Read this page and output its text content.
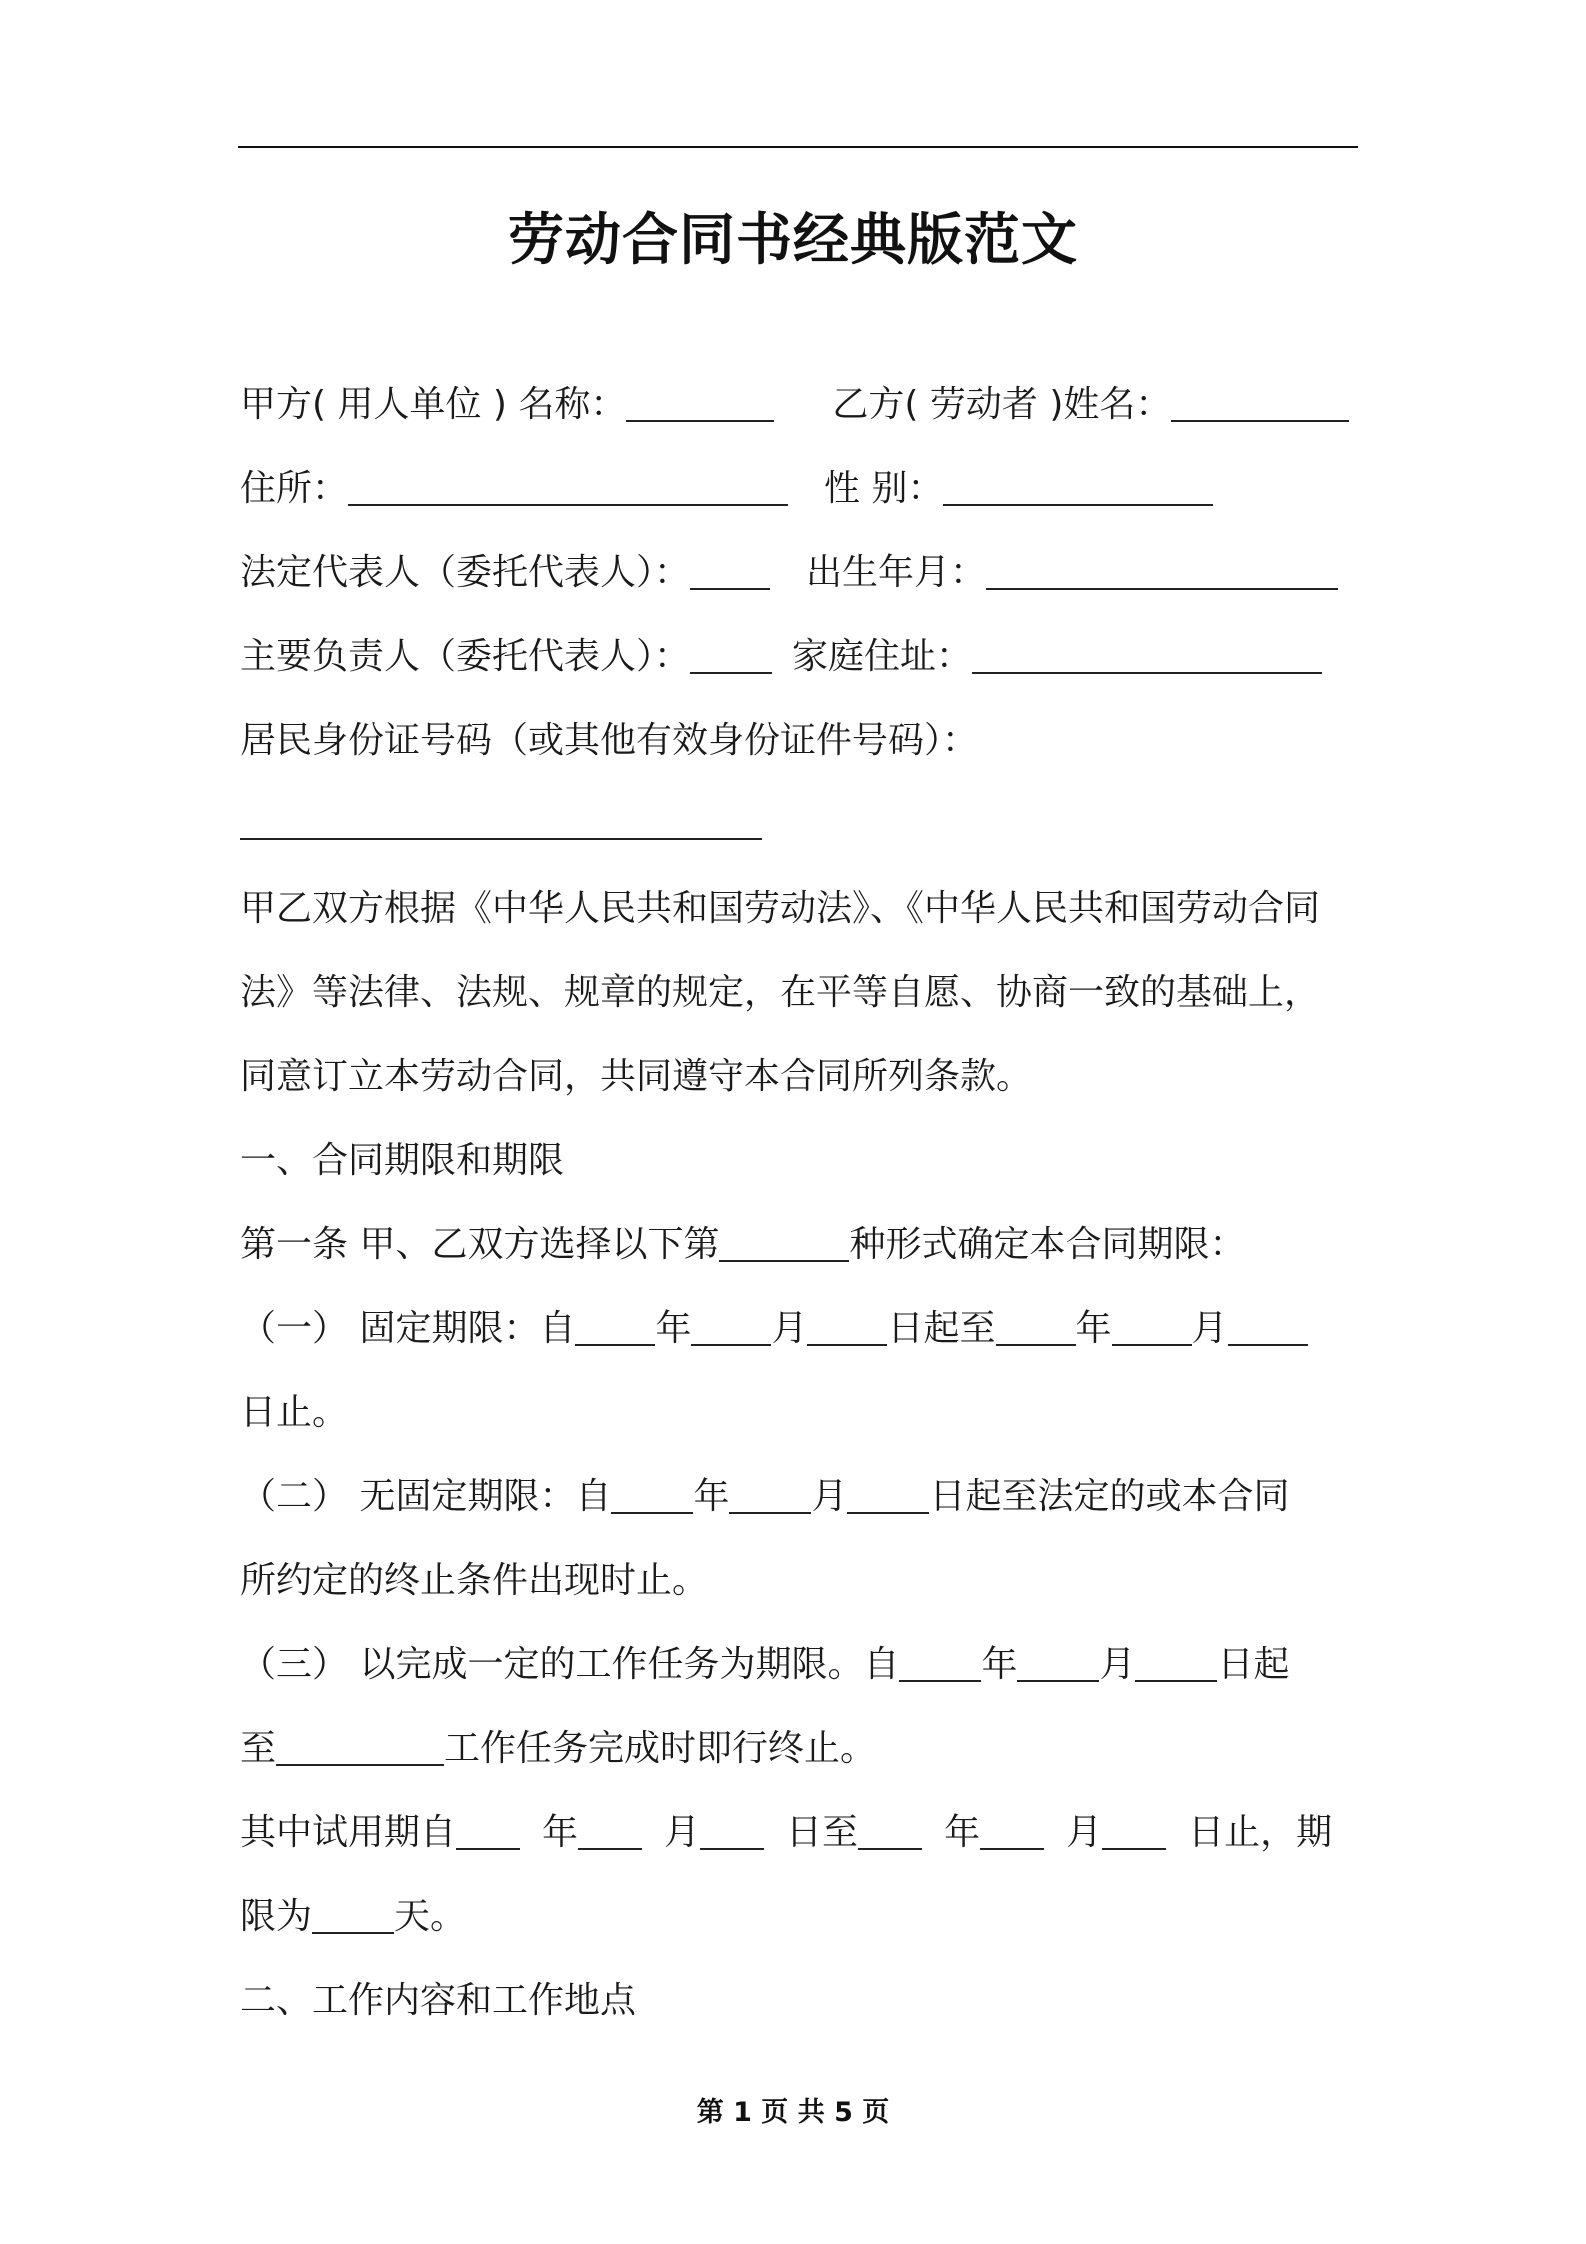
劳动合同书经典版范文
甲方( 用人单位 ) 名称：	乙方( 劳动者 )姓名：
住所：	性 别：
法定代表人（委托代表人）：	出生年月：
主要负责人（委托代表人）：	家庭住址：
居民身份证号码（或其他有效身份证件号码）：
甲乙双方根据《中华人民共和国劳动法》、《中华人民共和国劳动合同
法》等法律、法规、规章的规定，在平等自愿、协商一致的基础上，
同意订立本劳动合同，共同遵守本合同所列条款。
一、合同期限和期限
第一条 甲、乙双方选择以下第	种形式确定本合同期限：
（一） 固定期限：自 年 月 日起至 年 月
日止。
（二） 无固定期限：自 年 月 日起至法定的或本合同
所约定的终止条件出现时止。
（三） 以完成一定的工作任务为期限。自 年 月 日起
至	工作任务完成时即行终止。
其中试用期自 年 月 日至 年 月 日止，期
限为 天。
二、工作内容和工作地点
第 1 页 共 5 页
